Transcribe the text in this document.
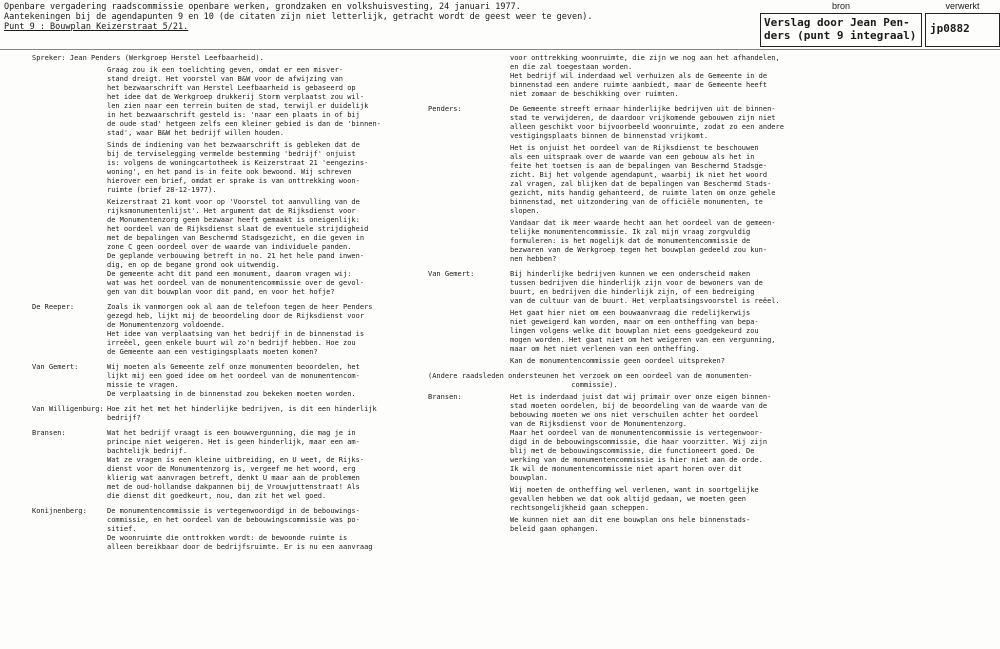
Openbare vergadering raadscommissie openbare werken, grondzaken en volkshuisvesting, 24 januari 1977.
Aantekeningen bij de agendapunten 9 en 10 (de citaten zijn niet letterlijk, getracht wordt de geest weer te geven).
Punt 9 : Bouwplan Keizerstraat 5/21.
bron	verwerkt
Verslag door Jean Pen-
ders (punt 9 integraal)
jp0882
Spreker: Jean Penders (Werkgroep Herstel Leefbaarheid).

Graag zou ik een toelichting geven, omdat er een misver-
stand dreigt. Het voorstel van B&W voor de afwijzing van
het bezwaarschrift van Herstel Leefbaarheid is gebaseerd op
het idee dat de Werkgroep drukkerij Storm verplaatst zou wil-
len zien naar een terrein buiten de stad, terwijl er duidelijk
in het bezwaarschrift gesteld is: 'naar een plaats in of bij
de oude stad' hetgeen zelfs een kleiner gebied is dan de 'binnen-
stad', waar B&W het bedrijf willen houden.

Sinds de indiening van het bezwaarschrift is gebleken dat de
bij de terviselegging vermelde bestemming 'bedrijf' onjuist
is: volgens de woningcartotheek is Keizerstraat 21 'eengezins-
woning', en het pand is in feite ook bewoond. Wij schreven
hierover een brief, omdat er sprake is van onttrekking woon-
ruimte (brief 28-12-1977).

Keizerstraat 21 komt voor op 'Voorstel tot aanvulling van de
rijksmonumentenlijst'. Het argument dat de Rijksdienst voor
de Monumentenzorg geen bezwaar heeft gemaakt is oneigenlijk:
het oordeel van de Rijksdienst slaat de eventuele strijdigheid
met de bepalingen van Beschermd Stadsgezicht, en die geven in
zone C geen oordeel over de waarde van individuele panden.
De geplande verbouwing betreft in no. 21 het hele pand inwen-
dig, en op de begane grond ook uitwendig.
De gemeente acht dit pand een monument, daarom vragen wij:
wat was het oordeel van de monumentencommissie over de gevol-
gen van dit bouwplan voor dit pand, en voor het hofje?

De Reeper:	Zoals ik vanmorgen ook al aan de telefoon tegen de heer Penders
gezegd heb, lijkt mij de beoordeling door de Rijksdienst voor
de Monumentenzorg voldoende.
Het idee van verplaatsing van het bedrijf in de binnenstad is
irreëel, geen enkele buurt wil zo'n bedrijf hebben. Hoe zou
de Gemeente aan een vestigingsplaats moeten komen?

Van Gemert:	Wij moeten als Gemeente zelf onze monumenten beoordelen, het
lijkt mij een goed idee om het oordeel van de monumentencom-
missie te vragen.
De verplaatsing in de binnenstad zou bekeken moeten worden.

Van Willigenburg: Hoe zit het met het hinderlijke bedrijven, is dit een hinderlijk
bedrijf?

Bransen:	Wat het bedrijf vraagt is een bouwvergunning, die mag je in
principe niet weigeren. Het is geen hinderlijk, maar een am-
bachtelijk bedrijf.
Wat ze vragen is een kleine uitbreiding, en U weet, de Rijks-
dienst voor de Monumentenzorg is, vergeef me het woord, erg
klierig wat aanvragen betreft, denkt U maar aan de problemen
met de oud-hollandse dakpannen bij de Vrouwjuttenstraat! Als
die dienst dit goedkeurt, nou, dan zit het wel goed.

Konijnenberg:	De monumentencommissie is vertegenwoordigd in de bebouwings-
commissie, en het oordeel van de bebouwingscommissie was po-
sitief.
De woonruimte die onttrokken wordt: de bewoonde ruimte is
alleen bereikbaar door de bedrijfsruimte. Er is nu een aanvraag

voor onttrekking woonruimte, die zijn we nog aan het afhandelen,
en die zal toegestaan worden.
Het bedrijf wil inderdaad wel verhuizen als de Gemeente in de
binnenstad een andere ruimte aanbiedt, maar de Gemeente heeft
niet zomaar de beschikking over ruimten.

Penders:	De Gemeente streeft ernaar hinderlijke bedrijven uit de binnen-
stad te verwijderen, de daardoor vrijkomende gebouwen zijn niet
alleen geschikt voor bijvoorbeeld woonruimte, zodat zo een andere
vestigingsplaats binnen de binnenstad vrijkomt.

Het is onjuist het oordeel van de Rijksdienst te beschouwen
als een uitspraak over de waarde van een gebouw als het in
feite het toetsen is aan de bepalingen van Beschermd Stadsge-
zicht. Bij het volgende agendapunt, waarbij ik niet het woord
zal vragen, zal blijken dat de bepalingen van Beschermd Stads-
gezicht, mits handig gehanteerd, de ruimte laten om onze gehele
binnenstad, met uitzondering van de officiële monumenten, te
slopen.

Vandaar dat ik meer waarde hecht aan het oordeel van de gemeen-
telijke monumentencommissie. Ik zal mijn vraag zorgvuldig
formuleren: is het mogelijk dat de monumentencommissie de
bezwaren van de Werkgroep tegen het bouwplan gedeeld zou kun-
nen hebben?

Van Gemert:	Bij hinderlijke bedrijven kunnen we een onderscheid maken
tussen bedrijven die hinderlijk zijn voor de bewoners van de
buurt, en bedrijven die hinderlijk zijn, of een bedreiging
van de cultuur van de buurt. Het verplaatsingsvoorstel is reëel.

Het gaat hier niet om een bouwaanvraag die redelijkerwijs
niet geweigerd kan worden, maar om een ontheffing van bepa-
lingen volgens welke dit bouwplan niet eens goedgekeurd zou
mogen worden. Het gaat niet om het weigeren van een vergunning,
maar om het niet verlenen van een ontheffing.

Kan de monumentencommissie geen oordeel uitspreken?

(Andere raadsleden ondersteunen het verzoek om een oordeel van de monumenten-
commissie).

Bransen:	Het is inderdaad juist dat wij primair over onze eigen binnen-
stad moeten oordelen, bij de beoordeling van de waarde van de
bebouwing moeten we ons niet verschuilen achter het oordeel
van de Rijksdienst voor de Monumentenzorg.
Maar het oordeel van de monumentencommissie is vertegenwoor-
digd in de bebouwingscommissie, die haar voorzitter. Wij zijn
blij met de bebouwingscommissie, die functioneert goed. De
werking van de monumentencommissie is hier niet aan de orde.
Ik wil de monumentencommissie niet apart horen over dit
bouwplan.

Wij moeten de ontheffing wel verlenen, want in soortgelijke
gevallen hebben we dat ook altijd gedaan, we moeten geen
rechtsongelijkheid gaan scheppen.

We kunnen niet aan dit ene bouwplan ons hele binnenstads-
beleid gaan ophangen.
